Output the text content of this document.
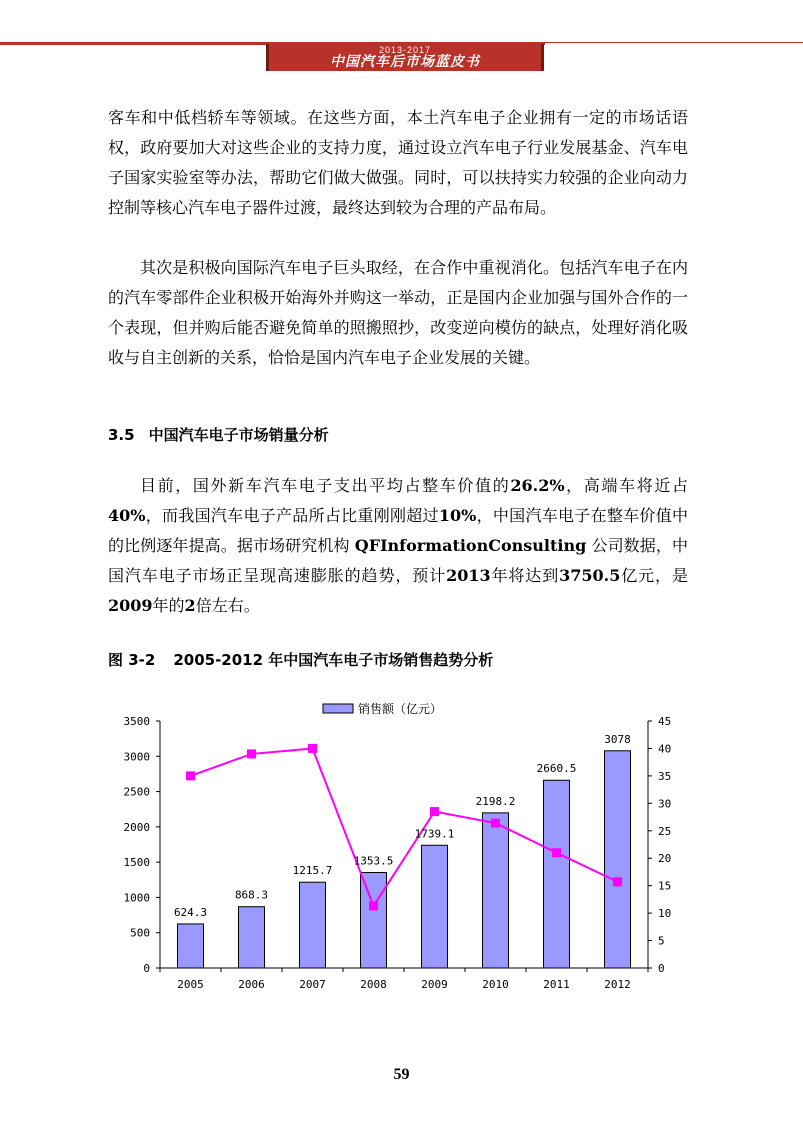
2013-2017
中国汽车后市场蓝皮书

客车和中低档轿车等领域。在这些方面，本土汽车电子企业拥有一定的市场话语权，政府要加大对这些企业的支持力度，通过设立汽车电子行业发展基金、汽车电子国家实验室等办法，帮助它们做大做强。同时，可以扶持实力较强的企业向动力控制等核心汽车电子器件过渡，最终达到较为合理的产品布局。

其次是积极向国际汽车电子巨头取经，在合作中重视消化。包括汽车电子在内的汽车零部件企业积极开始海外并购这一举动，正是国内企业加强与国外合作的一个表现，但并购后能否避免简单的照搬照抄，改变逆向模仿的缺点，处理好消化吸收与自主创新的关系，恰恰是国内汽车电子企业发展的关键。

3.5 中国汽车电子市场销量分析

目前，国外新车汽车电子支出平均占整车价值的26.2%，高端车将近占40%，而我国汽车电子产品所占比重刚刚超过10%，中国汽车电子在整车价值中的比例逐年提高。据市场研究机构 QFInformationConsulting 公司数据，中国汽车电子市场正呈现高速膨胀的趋势，预计2013年将达到3750.5亿元，是2009年的2倍左右。

图 3-2 2005-2012 年中国汽车电子市场销售趋势分析

0
500
1000
1500
2000
2500
3000
3500
0
5
10
15
20
25
30
35
40
45
2005	2006	2007	2008	2009	2010	2011	2012
624.3
868.3
1215.7
1353.5
1739.1
2198.2
2660.5
3078
销售额（亿元）
59
